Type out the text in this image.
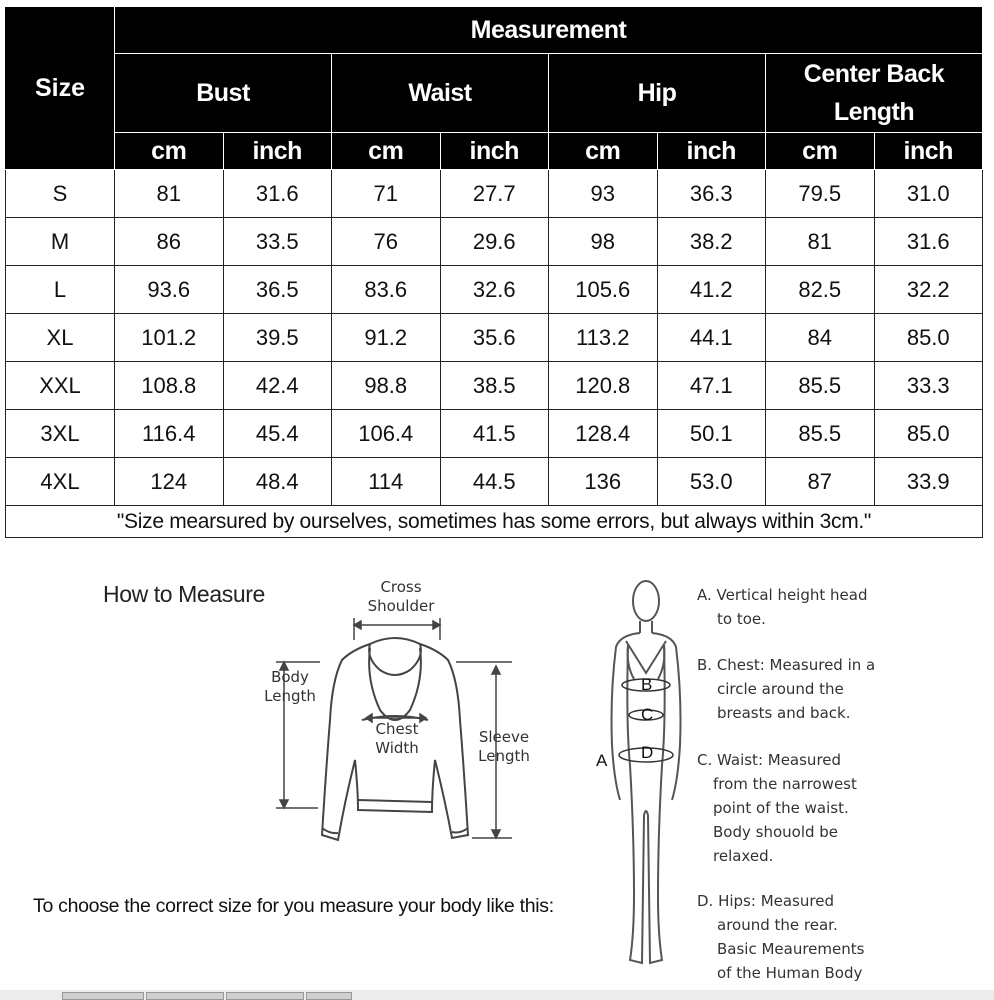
Size	Measurement							
	Bust		Waist		Hip		Center Back
Length	
	cm	inch	cm	inch	cm	inch	cm	inch
S	81	31.6	71	27.7	93	36.3	79.5	31.0
M	86	33.5	76	29.6	98	38.2	81	31.6
L	93.6	36.5	83.6	32.6	105.6	41.2	82.5	32.2
XL	101.2	39.5	91.2	35.6	113.2	44.1	84	85.0
XXL	108.8	42.4	98.8	38.5	120.8	47.1	85.5	33.3
3XL	116.4	45.4	106.4	41.5	128.4	50.1	85.5	85.0
4XL	124	48.4	114	44.5	136	53.0	87	33.9
"Size mearsured by ourselves, sometimes has some errors, but always within 3cm."								
How to Measure	Cross
Shoulder
Body
Length
Chest
Width
Sleeve
Length
B
C
D
A
A. Vertical height head
to toe.
B. Chest: Measured in a
circle around the
breasts and back.
C. Waist: Measured
from the narrowest
point of the waist.
Body shouold be
relaxed.
D. Hips: Measured
around the rear.
Basic Meaurements
of the Human Body
To choose the correct size for you measure your body like this:
